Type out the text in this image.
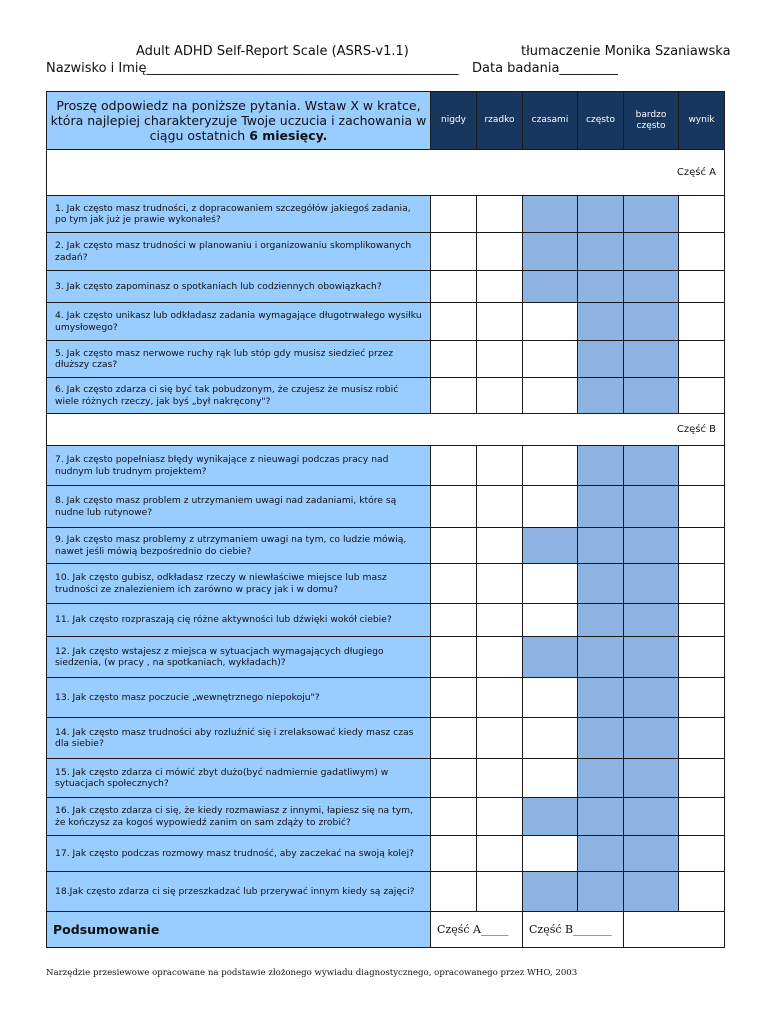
Adult ADHD Self-Report Scale (ASRS-v1.1)	tłumaczenie Monika Szaniawska
Nazwisko i Imię________________________________________________ Data badania_________
Proszę odpowiedz na poniższe pytania. Wstaw X w kratce, która najlepiej charakteryzuje Twoje uczucia i zachowania w ciągu ostatnich 6 miesięcy.	nigdy	rzadko	czasami	często	bardzo często	wynik
Część A						
1. Jak często masz trudności, z dopracowaniem szczegółów jakiegoś zadania, po tym jak już je prawie wykonałeś?						
2. Jak często masz trudności w planowaniu i organizowaniu skomplikowanych zadań?						
3. Jak często zapominasz o spotkaniach lub codziennych obowiązkach?						
4. Jak często unikasz lub odkładasz zadania wymagające długotrwałego wysiłku umysłowego?						
5. Jak często masz nerwowe ruchy rąk lub stóp gdy musisz siedzieć przez dłuższy czas?						
6. Jak często zdarza ci się być tak pobudzonym, że czujesz że musisz robić wiele różnych rzeczy, jak byś „był nakręcony"?						
Część B						
7. Jak często popełniasz błędy wynikające z nieuwagi podczas pracy nad nudnym lub trudnym projektem?						
8. Jak często masz problem z utrzymaniem uwagi nad zadaniami, które są nudne lub rutynowe?						
9. Jak często masz problemy z utrzymaniem uwagi na tym, co ludzie mówią, nawet jeśli mówią bezpośrednio do ciebie?						
10. Jak często gubisz, odkładasz rzeczy w niewłaściwe miejsce lub masz trudności ze znalezieniem ich zarówno w pracy jak i w domu?						
11. Jak często rozpraszają cię różne aktywności lub dźwięki wokół ciebie?						
12. Jak często wstajesz z miejsca w sytuacjach wymagających długiego siedzenia, (w pracy , na spotkaniach, wykładach)?						
13. Jak często masz poczucie „wewnętrznego niepokoju"?						
14. Jak często masz trudności aby rozluźnić się i zrelaksować kiedy masz czas dla siebie?						
15. Jak często zdarza ci mówić zbyt dużo(być nadmiernie gadatliwym) w sytuacjach społecznych?						
16. Jak często zdarza ci się, że kiedy rozmawiasz z innymi, łapiesz się na tym, że kończysz za kogoś wypowiedź zanim on sam zdąży to zrobić?						
17. Jak często podczas rozmowy masz trudność, aby zaczekać na swoją kolej?						
18.Jak często zdarza ci się przeszkadzać lub przerywać innym kiedy są zajęci?						
Podsumowanie	Część A_____		Część B_______			
Narzędzie przesiewowe opracowane na podstawie złożonego wywiadu diagnostycznego, opracowanego przez WHO, 2003
